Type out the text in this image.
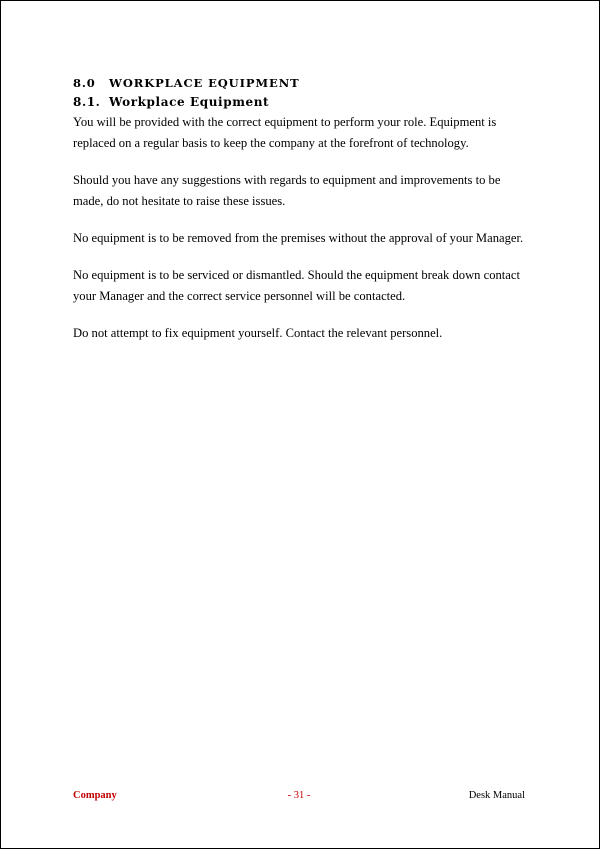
8.0 WORKPLACE EQUIPMENT
8.1. Workplace Equipment

You will be provided with the correct equipment to perform your role. Equipment is replaced on a regular basis to keep the company at the forefront of technology.

Should you have any suggestions with regards to equipment and improvements to be made, do not hesitate to raise these issues.

No equipment is to be removed from the premises without the approval of your Manager.

No equipment is to be serviced or dismantled. Should the equipment break down contact your Manager and the correct service personnel will be contacted.

Do not attempt to fix equipment yourself. Contact the relevant personnel.

Company	- 31 -	Desk Manual
